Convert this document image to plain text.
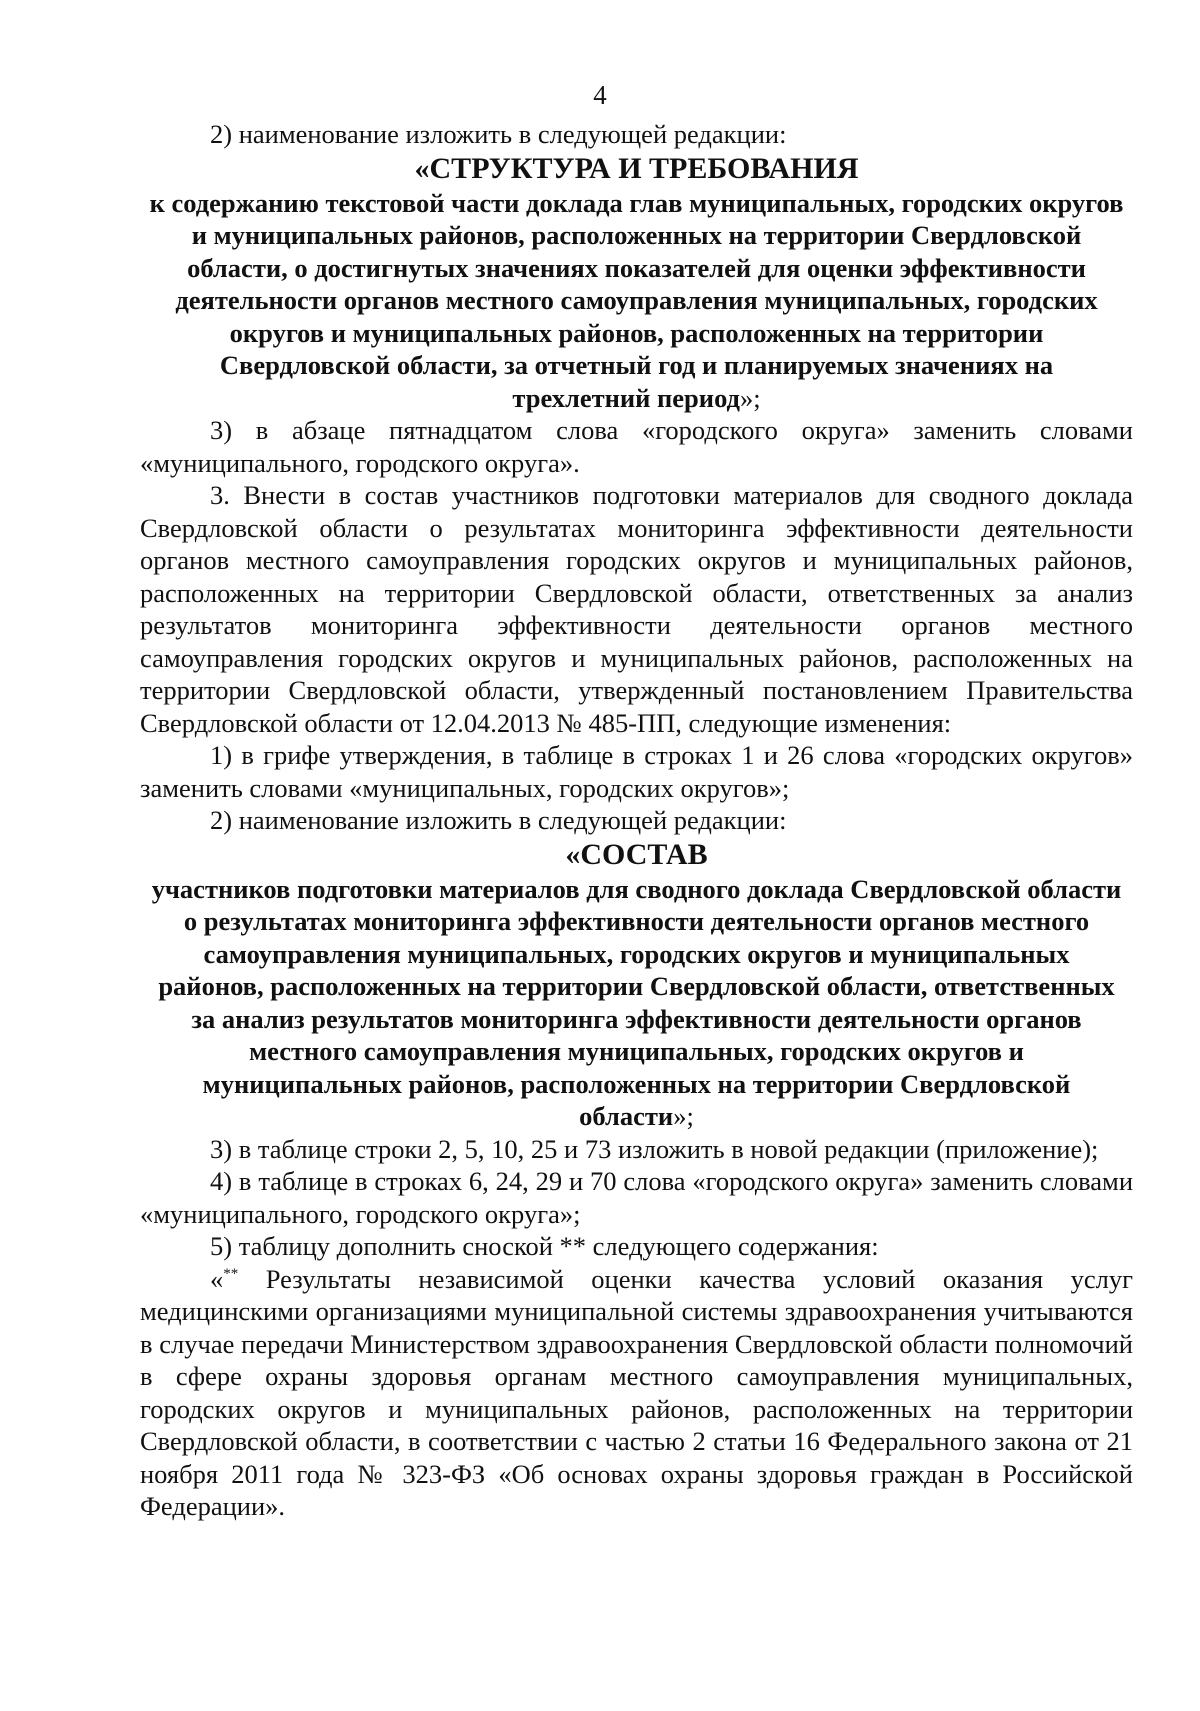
4

2) наименование изложить в следующей редакции:

«СТРУКТУРА И ТРЕБОВАНИЯ

к содержанию текстовой части доклада глав муниципальных, городских округов и муниципальных районов, расположенных на территории Свердловской области, о достигнутых значениях показателей для оценки эффективности деятельности органов местного самоуправления муниципальных, городских округов и муниципальных районов, расположенных на территории Свердловской области, за отчетный год и планируемых значениях на трехлетний период»;

3) в абзаце пятнадцатом слова «городского округа» заменить словами «муниципального, городского округа».

3. Внести в состав участников подготовки материалов для сводного доклада Свердловской области о результатах мониторинга эффективности деятельности органов местного самоуправления городских округов и муниципальных районов, расположенных на территории Свердловской области, ответственных за анализ результатов мониторинга эффективности деятельности органов местного самоуправления городских округов и муниципальных районов, расположенных на территории Свердловской области, утвержденный постановлением Правительства Свердловской области от 12.04.2013 № 485-ПП, следующие изменения:

1) в грифе утверждения, в таблице в строках 1 и 26 слова «городских округов» заменить словами «муниципальных, городских округов»;

2) наименование изложить в следующей редакции:

«СОСТАВ

участников подготовки материалов для сводного доклада Свердловской области о результатах мониторинга эффективности деятельности органов местного самоуправления муниципальных, городских округов и муниципальных районов, расположенных на территории Свердловской области, ответственных за анализ результатов мониторинга эффективности деятельности органов местного самоуправления муниципальных, городских округов и муниципальных районов, расположенных на территории Свердловской области»;

3) в таблице строки 2, 5, 10, 25 и 73 изложить в новой редакции (приложение);

4) в таблице в строках 6, 24, 29 и 70 слова «городского округа» заменить словами «муниципального, городского округа»;

5) таблицу дополнить сноской ** следующего содержания:

«** Результаты независимой оценки качества условий оказания услуг медицинскими организациями муниципальной системы здравоохранения учитываются в случае передачи Министерством здравоохранения Свердловской области полномочий в сфере охраны здоровья органам местного самоуправления муниципальных, городских округов и муниципальных районов, расположенных на территории Свердловской области, в соответствии с частью 2 статьи 16 Федерального закона от 21 ноября 2011 года № 323-ФЗ «Об основах охраны здоровья граждан в Российской Федерации».
